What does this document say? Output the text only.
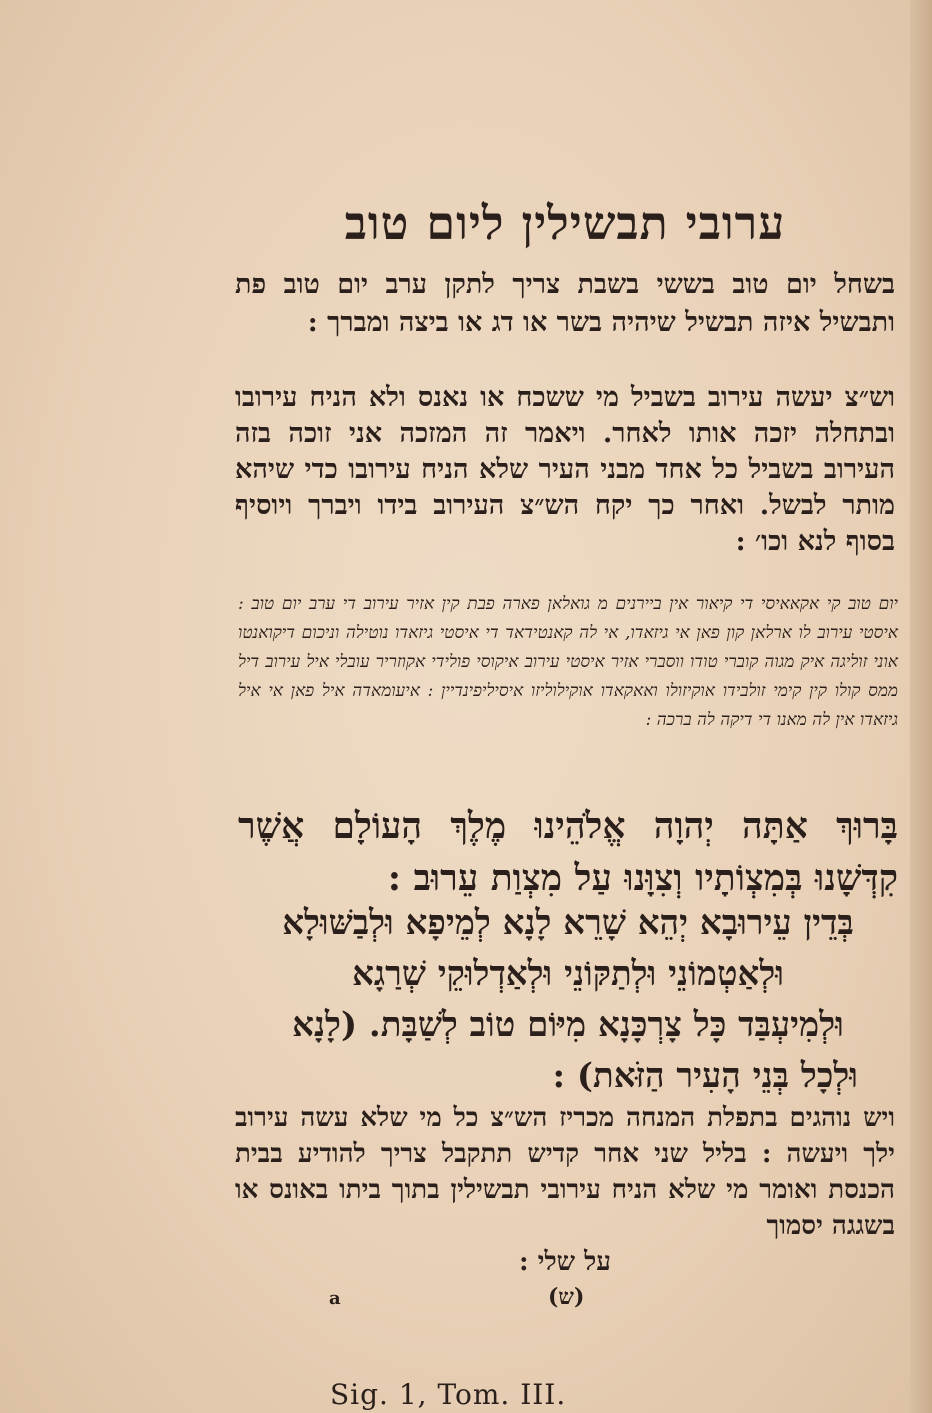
ערובי תבשילין ליום טוב
בשחל יום טוב בששי בשבת צריך לתקן ערב יום טוב פת ותבשיל איזה תבשיל שיהיה בשר או דג או ביצה ומברך :
וש״צ יעשה עירוב בשביל מי ששכח או נאנס ולא הניח עירובו ובתחלה יזכה אותו לאחר. ויאמר זה המזכה אני זוכה בזה העירוב בשביל כל אחד מבני העיר שלא הניח עירובו כדי שיהא מותר לבשל. ואחר כך יקח הש״צ העירוב בידו ויברך ויוסיף בסוף לנא וכו׳ :
יום טוב קי אקאאיסי די קיאור אין ביירנים מ גואלאן פארה פבת קין אזיר עירוב די ערב יום טוב : איסטי עירוב לו ארלאן קון פאן אי גיזאדו, אי לה קאנטידאד די איסטי גיזאדו נוטילה וניכום דיקואנטו אוני זוליגה איק מגוה קוברי טודו ווסברי אזיר איסטי עירוב איקוסי פולידי אקוזריר עובלי איל עירוב דיל ממס קולו קין קימי זולבידו אוקיזולו ואאקאדו אוקילוליזו איסיליפינדיין : איעומאדה איל פאן אי איל גיזאדו אין לה מאנו די דיקה לה ברכה :
בָּרוּךְ אַתָּה יְהוָה אֱלֹהֵינוּ מֶלֶךְ הָעוֹלָם אֲשֶׁר קִדְּשָׁנוּ בְּמִצְוֹתָיו וְצִוָּנוּ עַל מִצְוַת עֵרוּב :
בְּדֵין עֵירוּבָא יְהֵא שָׁרֵא לָנָא לְמֵיפָא וּלְבַשּׁוּלָא
וּלְאַטְמוֹנֵי וּלְתַקּוֹנֵי וּלְאַדְלוּקֵי שְׁרַגָא
וּלְמִיעְבַּד כָּל צָרְכָּנָא מִיּוֹם טוֹב לְשַׁבָּת. (לָנָא
וּלְכָל בְּנֵי הָעִיר הַזֹּאת) :
ויש נוהגים בתפלת המנחה מכריז הש״צ כל מי שלא עשה עירוב ילך ויעשה : בליל שני אחר קדיש תתקבל צריך להודיע בבית הכנסת ואומר מי שלא הניח עירובי תבשילין בתוך ביתו באונס או בשגגה יסמוך
על שלי :
a	(ש)
Sig. 1, Tom. III.
